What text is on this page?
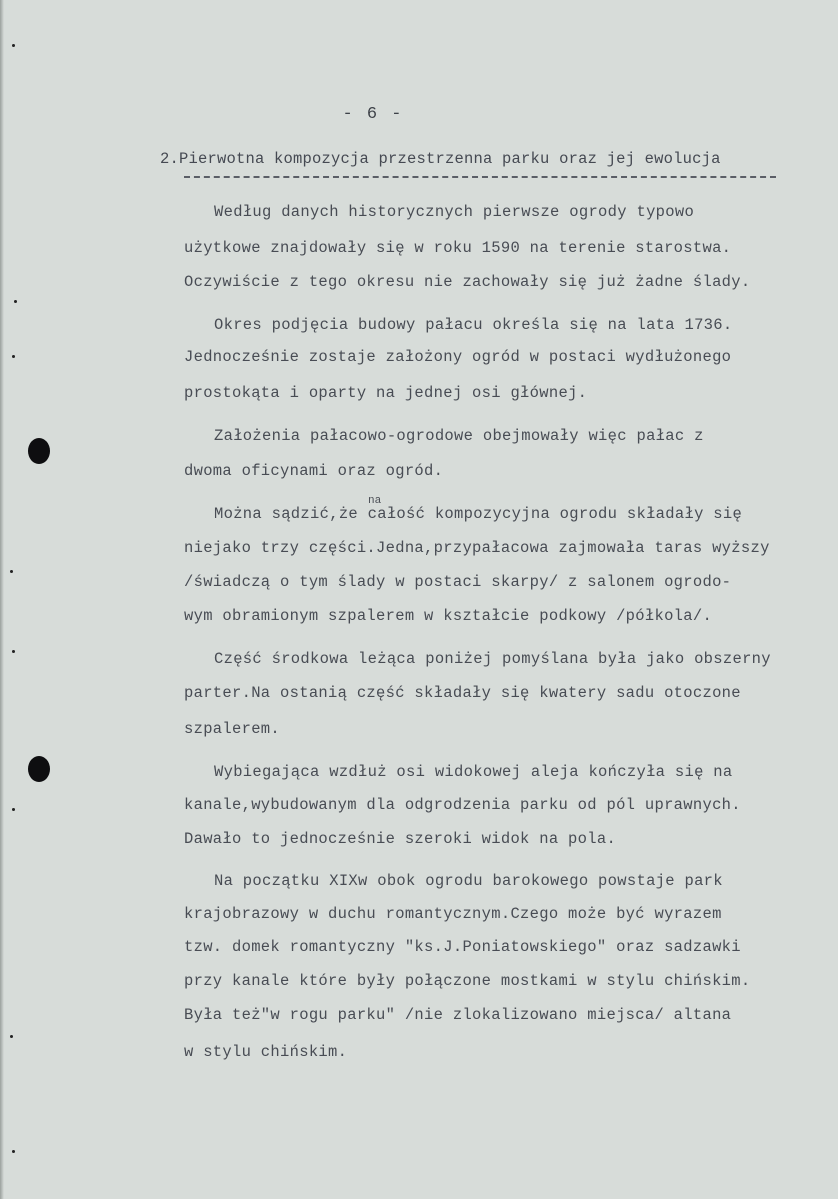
- 6 -
2.Pierwotna kompozycja przestrzenna parku oraz jej ewolucja
Według danych historycznych pierwsze ogrody typowo
użytkowe znajdowały się w roku 1590 na terenie starostwa.
Oczywiście z tego okresu nie zachowały się już żadne ślady.
Okres podjęcia budowy pałacu określa się na lata 1736.
Jednocześnie zostaje założony ogród w postaci wydłużonego
prostokąta i oparty na jednej osi głównej.
Założenia pałacowo-ogrodowe obejmowały więc pałac z
dwoma oficynami oraz ogród.
na
Można sądzić,że całość kompozycyjna ogrodu składały się
niejako trzy części.Jedna,przypałacowa zajmowała taras wyższy
/świadczą o tym ślady w postaci skarpy/ z salonem ogrodo-
wym obramionym szpalerem w kształcie podkowy /półkola/.
Część środkowa leżąca poniżej pomyślana była jako obszerny
parter.Na ostanią część składały się kwatery sadu otoczone
szpalerem.
Wybiegająca wzdłuż osi widokowej aleja kończyła się na
kanale,wybudowanym dla odgrodzenia parku od pól uprawnych.
Dawało to jednocześnie szeroki widok na pola.
Na początku XIXw obok ogrodu barokowego powstaje park
krajobrazowy w duchu romantycznym.Czego może być wyrazem
tzw. domek romantyczny "ks.J.Poniatowskiego" oraz sadzawki
przy kanale które były połączone mostkami w stylu chińskim.
Była też"w rogu parku" /nie zlokalizowano miejsca/ altana
w stylu chińskim.
